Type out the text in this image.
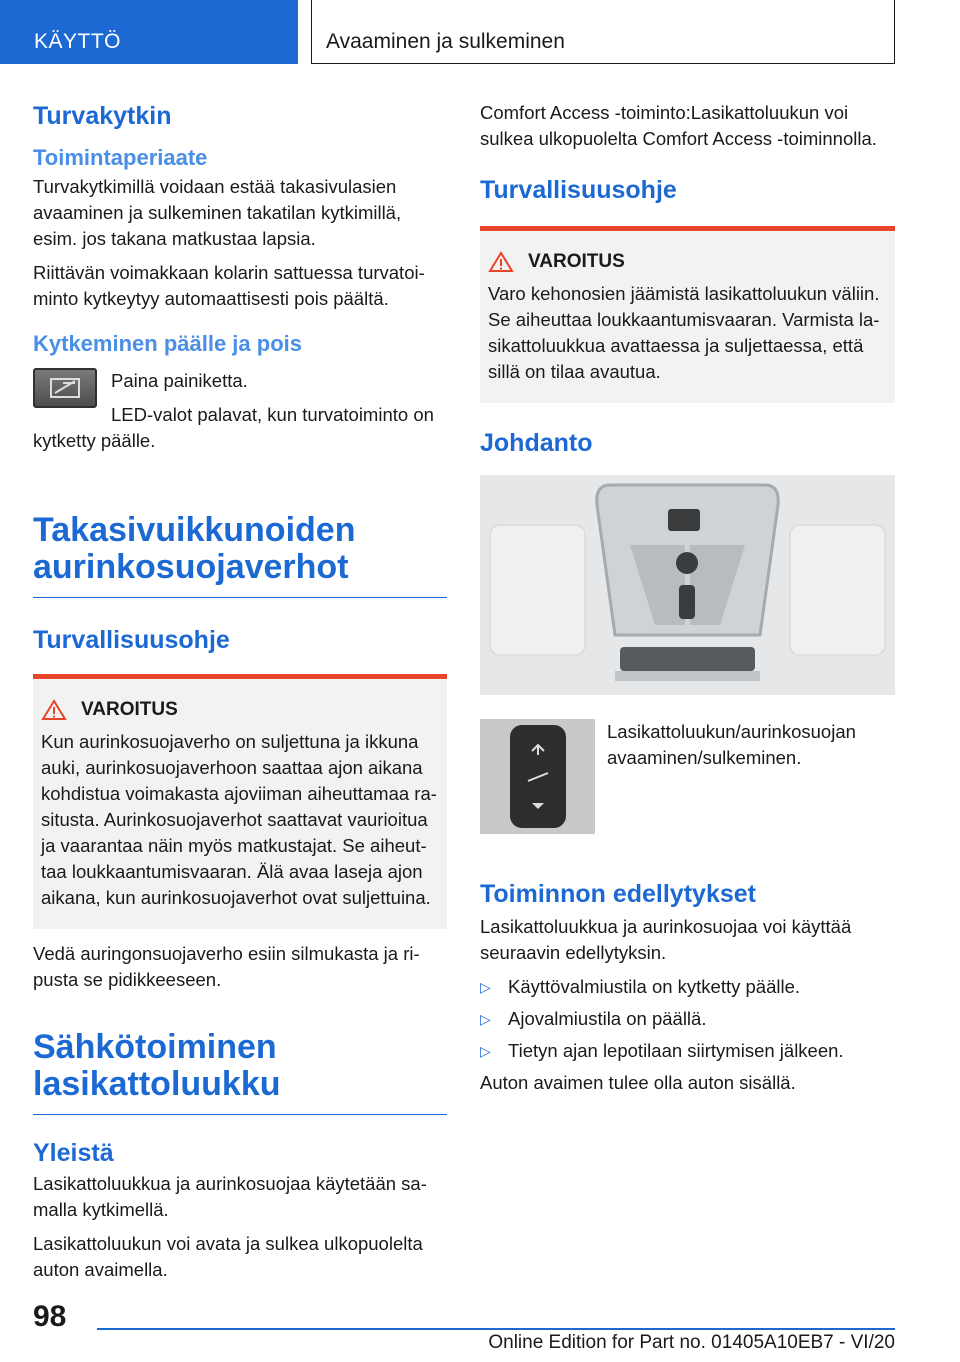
KÄYTTÖ	Avaaminen ja sulkeminen
Turvakytkin
Toimintaperiaate

Turvakytkimillä voidaan estää takasivulasien avaaminen ja sulkeminen takatilan kytkimillä, esim. jos takana matkustaa lapsia.

Riittävän voimakkaan kolarin sattuessa turvatoiminto kytkeytyy automaattisesti pois päältä.

Kytkeminen päälle ja pois

Paina painiketta.

LED-valot palavat, kun turvatoiminto on kytketty päälle.

Takasivuikkunoiden aurinkosuojaverhot
Turvallisuusohje
VAROITUS

Kun aurinkosuojaverho on suljettuna ja ikkuna auki, aurinkosuojaverhoon saattaa ajon aikana kohdistua voimakasta ajoviiman aiheuttamaa rasitusta. Aurinkosuojaverhot saattavat vaurioitua ja vaarantaa näin myös matkustajat. Se aiheuttaa loukkaantumisvaaran. Älä avaa laseja ajon aikana, kun aurinkosuojaverhot ovat suljettuina.

Vedä auringonsuojaverho esiin silmukasta ja ripusta se pidikkeeseen.

Sähkötoiminen lasikattoluukku
Yleistä

Lasikattoluukkua ja aurinkosuojaa käytetään samalla kytkimellä.

Lasikattoluukun voi avata ja sulkea ulkopuolelta auton avaimella.

Comfort Access -toiminto:Lasikattoluukun voi sulkea ulkopuolelta Comfort Access -toiminnolla.

Turvallisuusohje
VAROITUS

Varo kehonosien jäämistä lasikattoluukun väliin. Se aiheuttaa loukkaantumisvaaran. Varmista lasikattoluukkua avattaessa ja suljettaessa, että sillä on tilaa avautua.

Johdanto

Lasikattoluukun/aurinkosuojan avaaminen/sulkeminen.

Toiminnon edellytykset

Lasikattoluukkua ja aurinkosuojaa voi käyttää seuraavin edellytyksin.

▷ Käyttövalmiustila on kytketty päälle.
▷ Ajovalmiustila on päällä.
▷ Tietyn ajan lepotilaan siirtymisen jälkeen.

Auton avaimen tulee olla auton sisällä.

98
Online Edition for Part no. 01405A10EB7 - VI/20
